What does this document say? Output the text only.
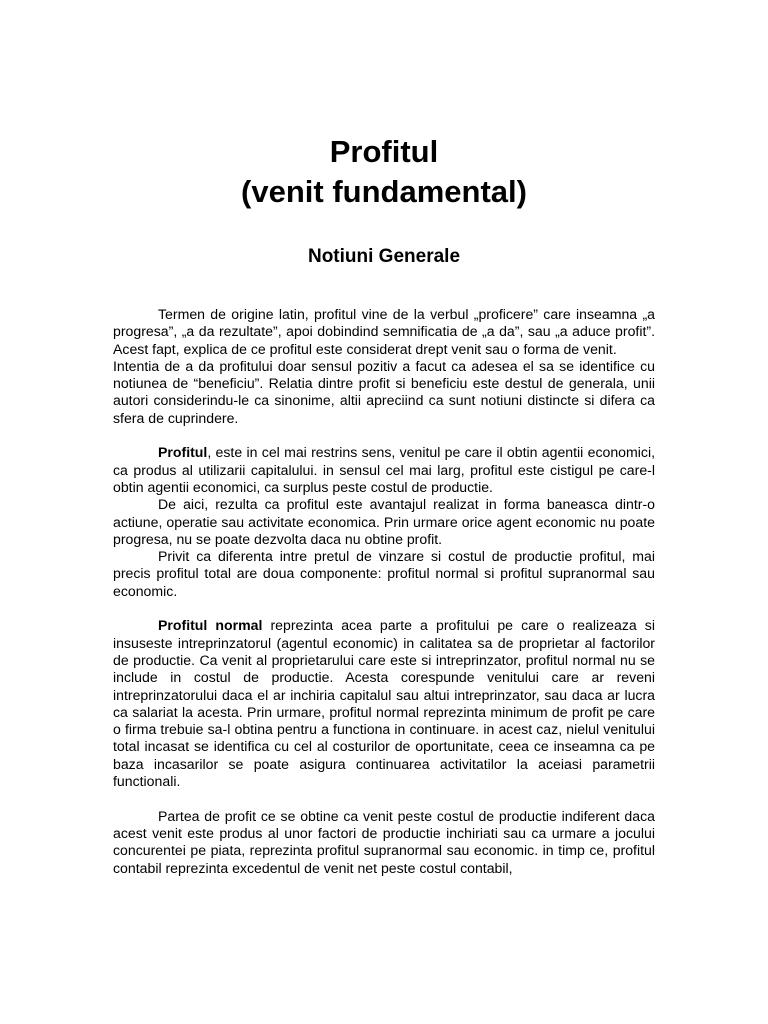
Profitul
(venit fundamental)
Notiuni Generale

Termen de origine latin, profitul vine de la verbul „proficere” care inseamna „a progresa”, „a da rezultate”, apoi dobindind semnificatia de „a da”, sau „a aduce profit”. Acest fapt, explica de ce profitul este considerat drept venit sau o forma de venit.

Intentia de a da profitului doar sensul pozitiv a facut ca adesea el sa se identifice cu notiunea de “beneficiu”. Relatia dintre profit si beneficiu este destul de generala, unii autori considerindu-le ca sinonime, altii apreciind ca sunt notiuni distincte si difera ca sfera de cuprindere.

Profitul, este in cel mai restrins sens, venitul pe care il obtin agentii economici, ca produs al utilizarii capitalului. in sensul cel mai larg, profitul este cistigul pe care-l obtin agentii economici, ca surplus peste costul de productie.

De aici, rezulta ca profitul este avantajul realizat in forma baneasca dintr-o actiune, operatie sau activitate economica. Prin urmare orice agent economic nu poate progresa, nu se poate dezvolta daca nu obtine profit.

Privit ca diferenta intre pretul de vinzare si costul de productie profitul, mai precis profitul total are doua componente: profitul normal si profitul supranormal sau economic.

Profitul normal reprezinta acea parte a profitului pe care o realizeaza si insuseste intreprinzatorul (agentul economic) in calitatea sa de proprietar al factorilor de productie. Ca venit al proprietarului care este si intreprinzator, profitul normal nu se include in costul de productie. Acesta corespunde venitului care ar reveni intreprinzatorului daca el ar inchiria capitalul sau altui intreprinzator, sau daca ar lucra ca salariat la acesta. Prin urmare, profitul normal reprezinta minimum de profit pe care o firma trebuie sa-l obtina pentru a functiona in continuare. in acest caz, nielul venitului total incasat se identifica cu cel al costurilor de oportunitate, ceea ce inseamna ca pe baza incasarilor se poate asigura continuarea activitatilor la aceiasi parametrii functionali.

Partea de profit ce se obtine ca venit peste costul de productie indiferent daca acest venit este produs al unor factori de productie inchiriati sau ca urmare a jocului concurentei pe piata, reprezinta profitul supranormal sau economic. in timp ce, profitul contabil reprezinta excedentul de venit net peste costul contabil,
